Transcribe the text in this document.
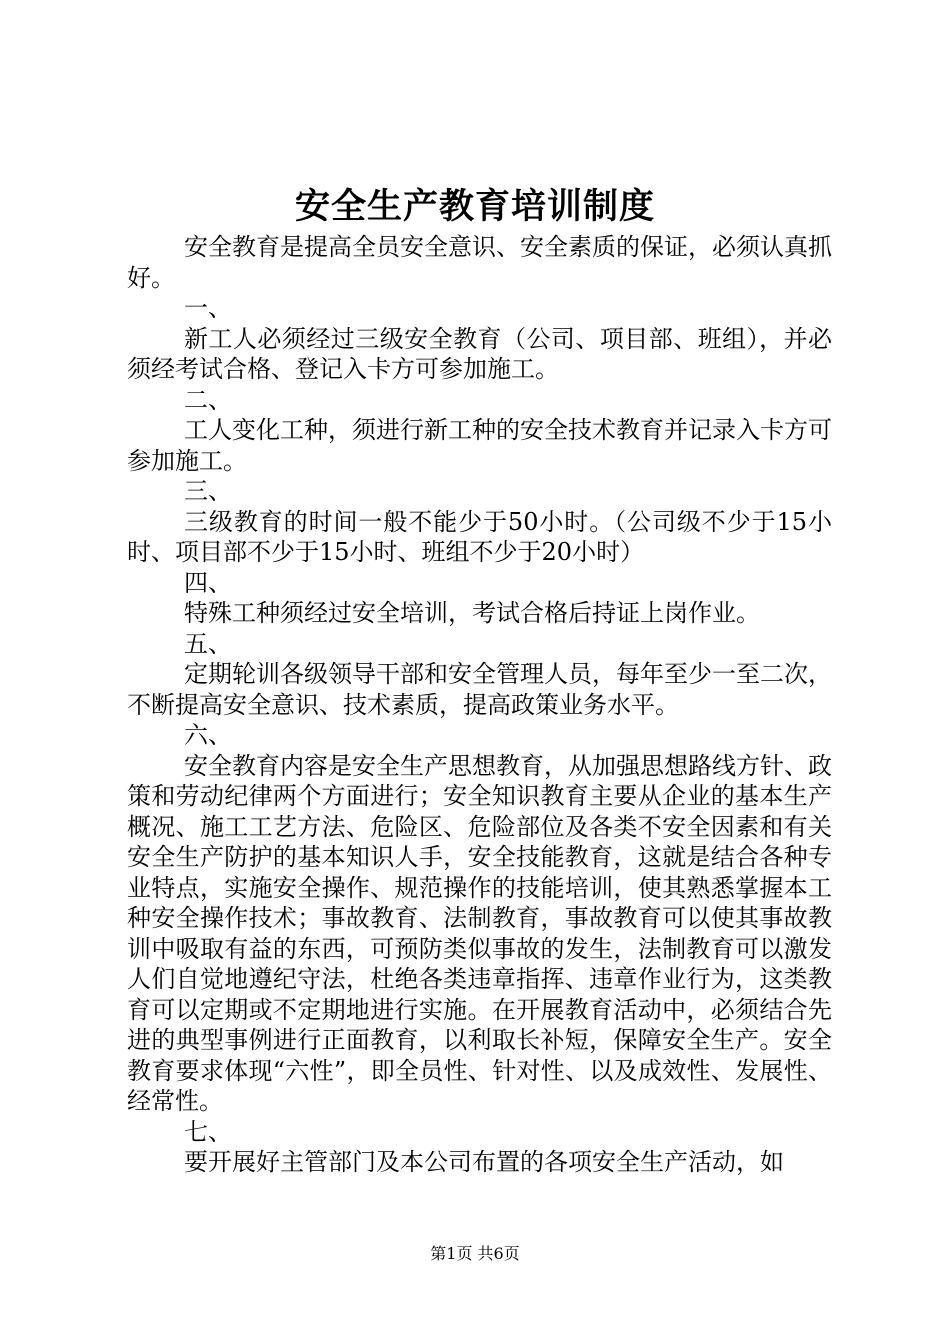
安全生产教育培训制度

安全教育是提高全员安全意识、安全素质的保证，必须认真抓好。

一、

新工人必须经过三级安全教育（公司、项目部、班组），并必须经考试合格、登记入卡方可参加施工。

二、

工人变化工种，须进行新工种的安全技术教育并记录入卡方可参加施工。

三、

三级教育的时间一般不能少于50小时。（公司级不少于15小时、项目部不少于15小时、班组不少于20小时）

四、

特殊工种须经过安全培训，考试合格后持证上岗作业。

五、

定期轮训各级领导干部和安全管理人员，每年至少一至二次，不断提高安全意识、技术素质，提高政策业务水平。

六、

安全教育内容是安全生产思想教育，从加强思想路线方针、政策和劳动纪律两个方面进行；安全知识教育主要从企业的基本生产概况、施工工艺方法、危险区、危险部位及各类不安全因素和有关安全生产防护的基本知识人手，安全技能教育，这就是结合各种专业特点，实施安全操作、规范操作的技能培训，使其熟悉掌握本工种安全操作技术；事故教育、法制教育，事故教育可以使其事故教训中吸取有益的东西，可预防类似事故的发生，法制教育可以激发人们自觉地遵纪守法，杜绝各类违章指挥、违章作业行为，这类教育可以定期或不定期地进行实施。在开展教育活动中，必须结合先进的典型事例进行正面教育，以利取长补短，保障安全生产。安全教育要求体现“六性”，即全员性、针对性、以及成效性、发展性、经常性。

七、

要开展好主管部门及本公司布置的各项安全生产活动，如

第1页 共6页
